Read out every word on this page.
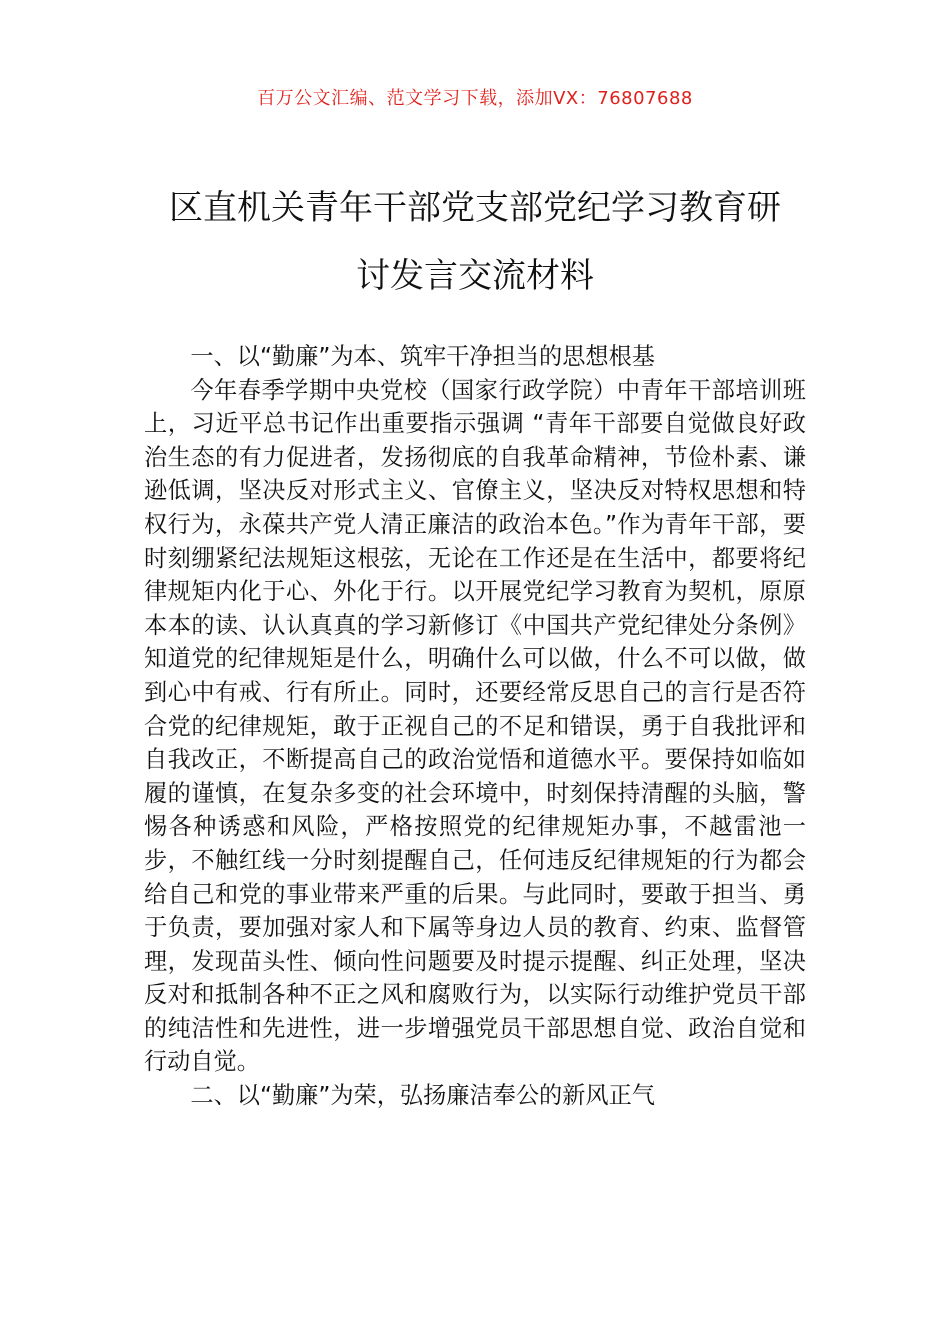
百万公文汇编、范文学习下载，添加VX：76807688
区直机关青年干部党支部党纪学习教育研
讨发言交流材料

一、以“勤廉”为本、筑牢干净担当的思想根基

今年春季学期中央党校（国家行政学院）中青年干部培训班上，习近平总书记作出重要指示强调 “青年干部要自觉做良好政治生态的有力促进者，发扬彻底的自我革命精神，节俭朴素、谦逊低调，坚决反对形式主义、官僚主义，坚决反对特权思想和特权行为，永葆共产党人清正廉洁的政治本色。”作为青年干部，要时刻绷紧纪法规矩这根弦，无论在工作还是在生活中，都要将纪律规矩内化于心、外化于行。以开展党纪学习教育为契机，原原本本的读、认认真真的学习新修订《中国共产党纪律处分条例》知道党的纪律规矩是什么，明确什么可以做，什么不可以做，做到心中有戒、行有所止。同时，还要经常反思自己的言行是否符合党的纪律规矩，敢于正视自己的不足和错误，勇于自我批评和自我改正，不断提高自己的政治觉悟和道德水平。要保持如临如履的谨慎，在复杂多变的社会环境中，时刻保持清醒的头脑，警惕各种诱惑和风险，严格按照党的纪律规矩办事，不越雷池一步，不触红线一分时刻提醒自己，任何违反纪律规矩的行为都会给自己和党的事业带来严重的后果。与此同时，要敢于担当、勇于负责，要加强对家人和下属等身边人员的教育、约束、监督管理，发现苗头性、倾向性问题要及时提示提醒、纠正处理，坚决反对和抵制各种不正之风和腐败行为，以实际行动维护党员干部的纯洁性和先进性，进一步增强党员干部思想自觉、政治自觉和行动自觉。

二、以“勤廉”为荣，弘扬廉洁奉公的新风正气
